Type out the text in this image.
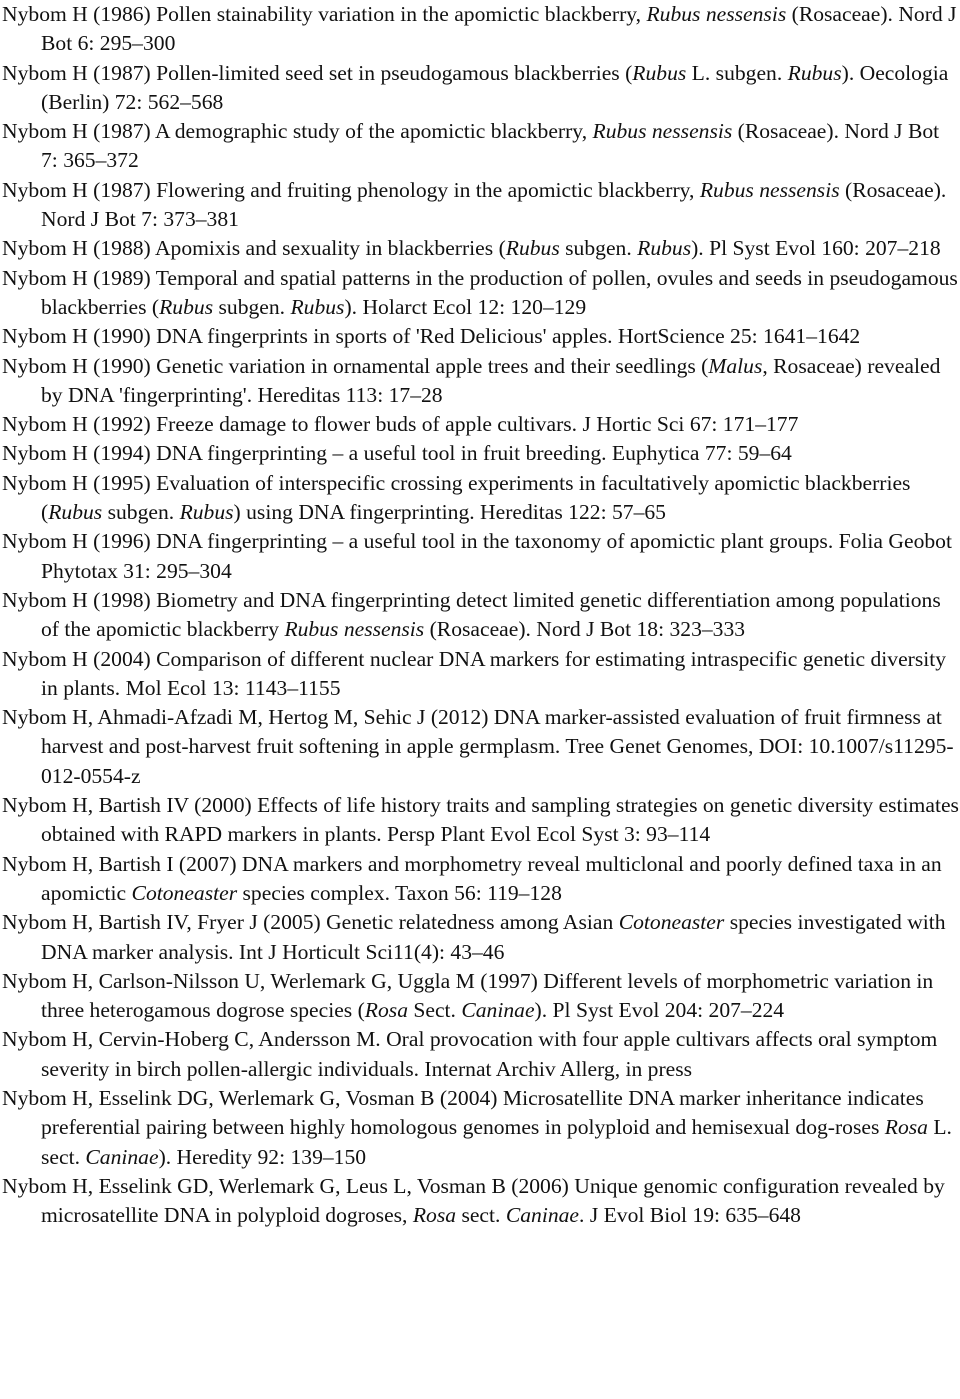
Nybom H (1986) Pollen stainability variation in the apomictic blackberry, Rubus nessensis (Rosaceae). Nord J Bot 6: 295–300

Nybom H (1987) Pollen-limited seed set in pseudogamous blackberries (Rubus L. subgen. Rubus). Oecologia (Berlin) 72: 562–568

Nybom H (1987) A demographic study of the apomictic blackberry, Rubus nessensis (Rosaceae). Nord J Bot 7: 365–372

Nybom H (1987) Flowering and fruiting phenology in the apomictic blackberry, Rubus nessensis (Rosaceae). Nord J Bot 7: 373–381

Nybom H (1988) Apomixis and sexuality in blackberries (Rubus subgen. Rubus). Pl Syst Evol 160: 207–218

Nybom H (1989) Temporal and spatial patterns in the production of pollen, ovules and seeds in pseudogamous blackberries (Rubus subgen. Rubus). Holarct Ecol 12: 120–129

Nybom H (1990) DNA fingerprints in sports of 'Red Delicious' apples. HortScience 25: 1641–1642

Nybom H (1990) Genetic variation in ornamental apple trees and their seedlings (Malus, Rosaceae) revealed by DNA 'fingerprinting'. Hereditas 113: 17–28

Nybom H (1992) Freeze damage to flower buds of apple cultivars. J Hortic Sci 67: 171–177

Nybom H (1994) DNA fingerprinting – a useful tool in fruit breeding. Euphytica 77: 59–64

Nybom H (1995) Evaluation of interspecific crossing experiments in facultatively apomictic blackberries (Rubus subgen. Rubus) using DNA fingerprinting. Hereditas 122: 57–65

Nybom H (1996) DNA fingerprinting – a useful tool in the taxonomy of apomictic plant groups. Folia Geobot Phytotax 31: 295–304

Nybom H (1998) Biometry and DNA fingerprinting detect limited genetic differentiation among populations of the apomictic blackberry Rubus nessensis (Rosaceae). Nord J Bot 18: 323–333

Nybom H (2004) Comparison of different nuclear DNA markers for estimating intraspecific genetic diversity in plants. Mol Ecol 13: 1143–1155

Nybom H, Ahmadi-Afzadi M, Hertog M, Sehic J (2012) DNA marker-assisted evaluation of fruit firmness at harvest and post-harvest fruit softening in apple germplasm. Tree Genet Genomes, DOI: 10.1007/s11295-012-0554-z

Nybom H, Bartish IV (2000) Effects of life history traits and sampling strategies on genetic diversity estimates obtained with RAPD markers in plants. Persp Plant Evol Ecol Syst 3: 93–114

Nybom H, Bartish I (2007) DNA markers and morphometry reveal multiclonal and poorly defined taxa in an apomictic Cotoneaster species complex. Taxon 56: 119–128

Nybom H, Bartish IV, Fryer J (2005) Genetic relatedness among Asian Cotoneaster species investigated with DNA marker analysis. Int J Horticult Sci11(4): 43–46

Nybom H, Carlson-Nilsson U, Werlemark G, Uggla M (1997) Different levels of morphometric variation in three heterogamous dogrose species (Rosa Sect. Caninae). Pl Syst Evol 204: 207–224

Nybom H, Cervin-Hoberg C, Andersson M. Oral provocation with four apple cultivars affects oral symptom severity in birch pollen-allergic individuals. Internat Archiv Allerg, in press

Nybom H, Esselink DG, Werlemark G, Vosman B (2004) Microsatellite DNA marker inheritance indicates preferential pairing between highly homologous genomes in polyploid and hemisexual dog-roses Rosa L. sect. Caninae). Heredity 92: 139–150

Nybom H, Esselink GD, Werlemark G, Leus L, Vosman B (2006) Unique genomic configuration revealed by microsatellite DNA in polyploid dogroses, Rosa sect. Caninae. J Evol Biol 19: 635–648
